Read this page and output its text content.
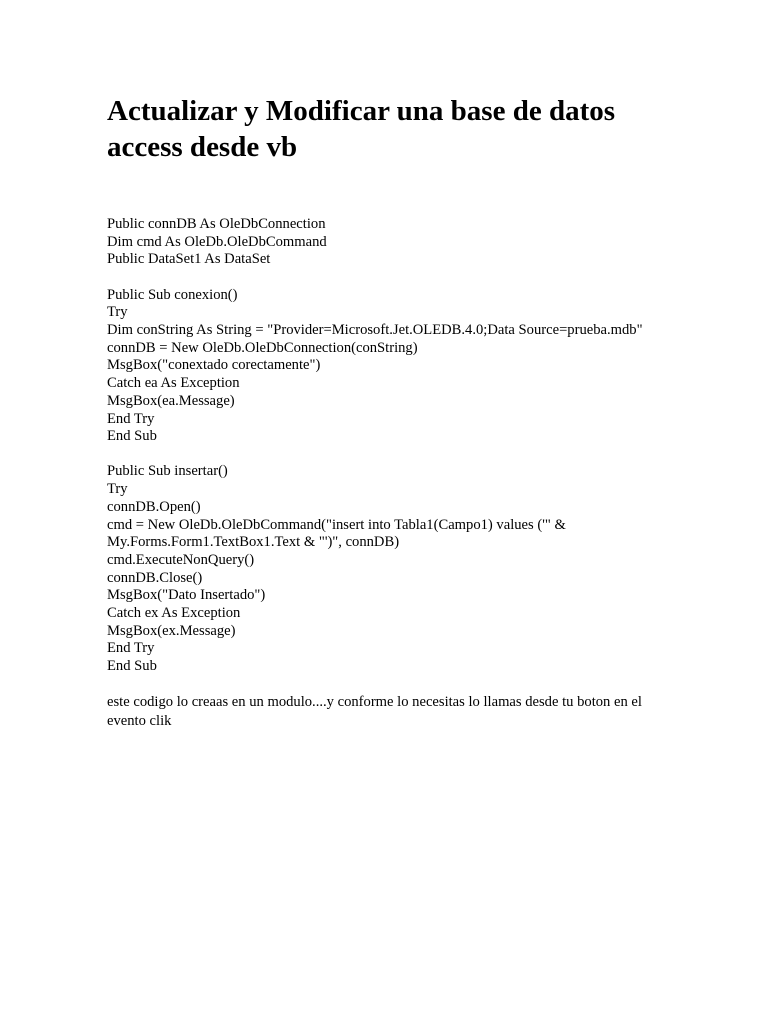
Actualizar y Modificar una base de datos access desde vb
Public connDB As OleDbConnection
Dim cmd As OleDb.OleDbCommand
Public DataSet1 As DataSet
Public Sub conexion()
Try
Dim conString As String = "Provider=Microsoft.Jet.OLEDB.4.0;Data Source=prueba.mdb"
connDB = New OleDb.OleDbConnection(conString)
MsgBox("conextado corectamente")
Catch ea As Exception
MsgBox(ea.Message)
End Try
End Sub
Public Sub insertar()
Try
connDB.Open()
cmd = New OleDb.OleDbCommand("insert into Tabla1(Campo1) values ('" &
My.Forms.Form1.TextBox1.Text & "')", connDB)
cmd.ExecuteNonQuery()
connDB.Close()
MsgBox("Dato Insertado")
Catch ex As Exception
MsgBox(ex.Message)
End Try
End Sub

este codigo lo creaas en un modulo....y conforme lo necesitas lo llamas desde tu boton en el evento clik
